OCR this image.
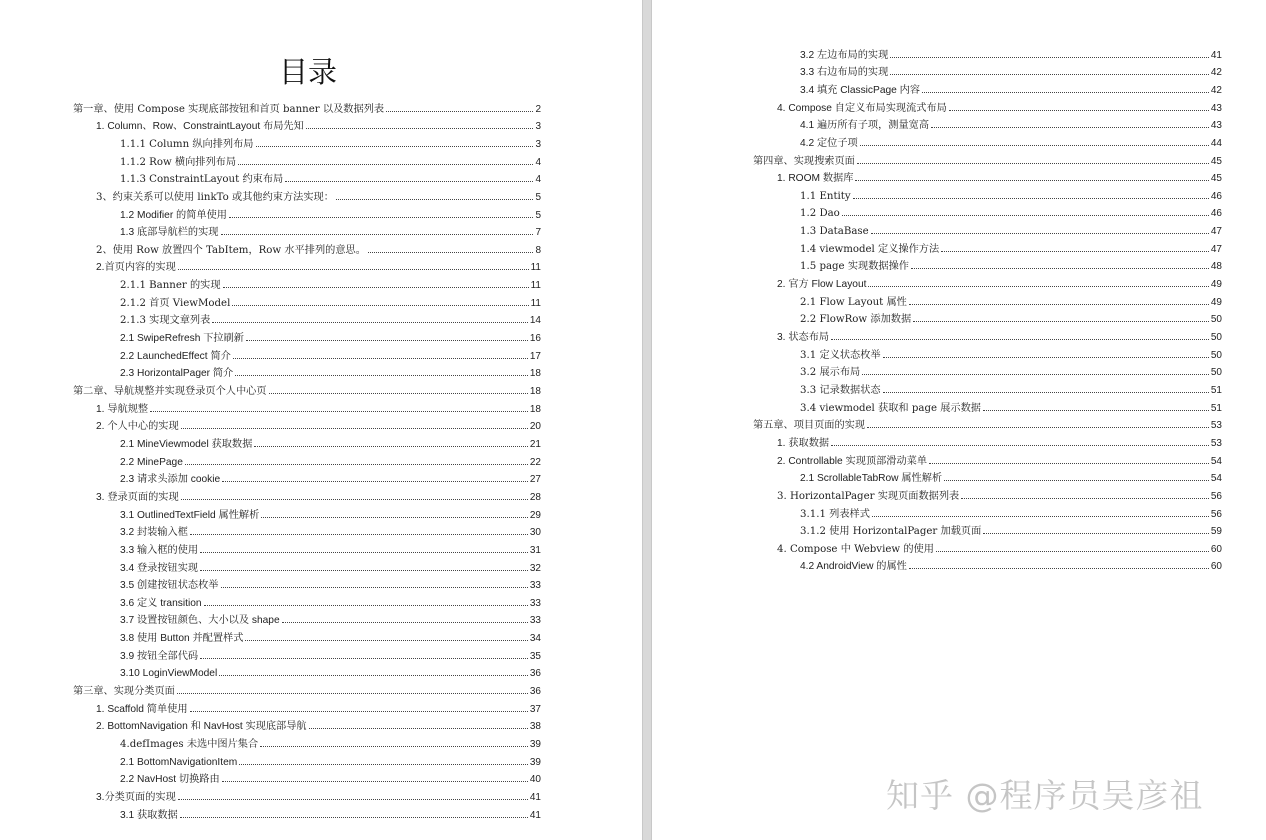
目录
第一章、使用 Compose 实现底部按钮和首页 banner 以及数据列表	2
1. Column、Row、ConstraintLayout 布局先知	3
1.1.1 Column 纵向排列布局	3
1.1.2 Row 横向排列布局	4
1.1.3 ConstraintLayout 约束布局	4
3、约束关系可以使用 linkTo 或其他约束方法实现：	5
1.2 Modifier 的简单使用	5
1.3 底部导航栏的实现	7
2、使用 Row 放置四个 TabItem，Row 水平排列的意思。	8
2.首页内容的实现	11
2.1.1 Banner 的实现	11
2.1.2 首页 ViewModel	11
2.1.3 实现文章列表	14
2.1 SwipeRefresh 下拉刷新	16
2.2 LaunchedEffect 简介	17
2.3 HorizontalPager 简介	18
第二章、导航规整并实现登录页个人中心页	18
1. 导航规整	18
2. 个人中心的实现	20
2.1 MineViewmodel 获取数据	21
2.2 MinePage	22
2.3 请求头添加 cookie	27
3. 登录页面的实现	28
3.1 OutlinedTextField 属性解析	29
3.2 封装输入框	30
3.3 输入框的使用	31
3.4 登录按钮实现	32
3.5 创建按钮状态枚举	33
3.6 定义 transition	33
3.7 设置按钮颜色、大小以及 shape	33
3.8 使用 Button 并配置样式	34
3.9 按钮全部代码	35
3.10 LoginViewModel	36
第三章、实现分类页面	36
1. Scaffold 简单使用	37
2. BottomNavigation 和 NavHost 实现底部导航	38
4.defImages 未选中图片集合	39
2.1 BottomNavigationItem	39
2.2 NavHost 切换路由	40
3.分类页面的实现	41
3.1 获取数据	41
3.2 左边布局的实现	41
3.3 右边布局的实现	42
3.4 填充 ClassicPage 内容	42
4. Compose 自定义布局实现流式布局	43
4.1 遍历所有子项，测量宽高	43
4.2 定位子项	44
第四章、实现搜索页面	45
1. ROOM 数据库	45
1.1 Entity	46
1.2 Dao	46
1.3 DataBase	47
1.4 viewmodel 定义操作方法	47
1.5 page 实现数据操作	48
2. 官方 Flow Layout	49
2.1 Flow Layout 属性	49
2.2 FlowRow 添加数据	50
3. 状态布局	50
3.1 定义状态枚举	50
3.2 展示布局	50
3.3 记录数据状态	51
3.4 viewmodel 获取和 page 展示数据	51
第五章、项目页面的实现	53
1. 获取数据	53
2. Controllable 实现顶部滑动菜单	54
2.1 ScrollableTabRow 属性解析	54
3. HorizontalPager 实现页面数据列表	56
3.1.1 列表样式	56
3.1.2 使用 HorizontalPager 加载页面	59
4. Compose 中 Webview 的使用	60
4.2 AndroidView 的属性	60
知乎 @程序员吴彦祖
